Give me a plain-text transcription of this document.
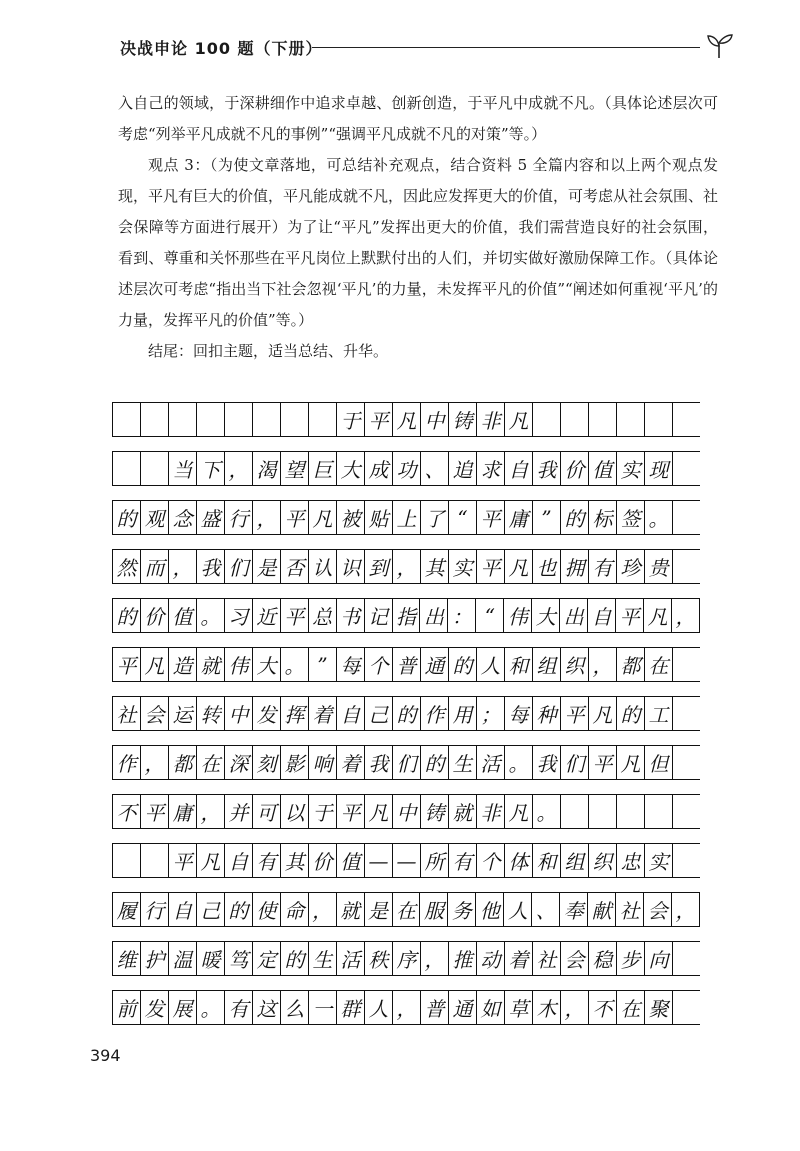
决战申论 100 题（下册）

入自己的领域，于深耕细作中追求卓越、创新创造，于平凡中成就不凡。（具体论述层次可考虑“列举平凡成就不凡的事例”“强调平凡成就不凡的对策”等。）

观点 3：（为使文章落地，可总结补充观点，结合资料 5 全篇内容和以上两个观点发现，平凡有巨大的价值，平凡能成就不凡，因此应发挥更大的价值，可考虑从社会氛围、社会保障等方面进行展开）为了让“平凡”发挥出更大的价值，我们需营造良好的社会氛围，看到、尊重和关怀那些在平凡岗位上默默付出的人们，并切实做好激励保障工作。（具体论述层次可考虑“指出当下社会忽视‘平凡’的力量，未发挥平凡的价值”“阐述如何重视‘平凡’的力量，发挥平凡的价值”等。）

结尾：回扣主题，适当总结、升华。

于 平 凡 中 铸 非 凡
当 下 ， 渴 望 巨 大 成 功 、 追 求 自 我 价 值 实 现
的 观 念 盛 行 ， 平 凡 被 贴 上 了 “ 平 庸 ” 的 标 签 。
然 而 ， 我 们 是 否 认 识 到 ， 其 实 平 凡 也 拥 有 珍 贵
的 价 值 。 习 近 平 总 书 记 指 出 ： “ 伟 大 出 自 平 凡 ，
平 凡 造 就 伟 大 。 ” 每 个 普 通 的 人 和 组 织 ， 都 在
社 会 运 转 中 发 挥 着 自 己 的 作 用 ； 每 种 平 凡 的 工
作 ， 都 在 深 刻 影 响 着 我 们 的 生 活 。 我 们 平 凡 但
不 平 庸 ， 并 可 以 于 平 凡 中 铸 就 非 凡 。
平 凡 自 有 其 价 值 — — 所 有 个 体 和 组 织 忠 实
履 行 自 己 的 使 命 ， 就 是 在 服 务 他 人 、 奉 献 社 会 ，
维 护 温 暖 笃 定 的 生 活 秩 序 ， 推 动 着 社 会 稳 步 向
前 发 展 。 有 这 么 一 群 人 ， 普 通 如 草 木 ， 不 在 聚
394
